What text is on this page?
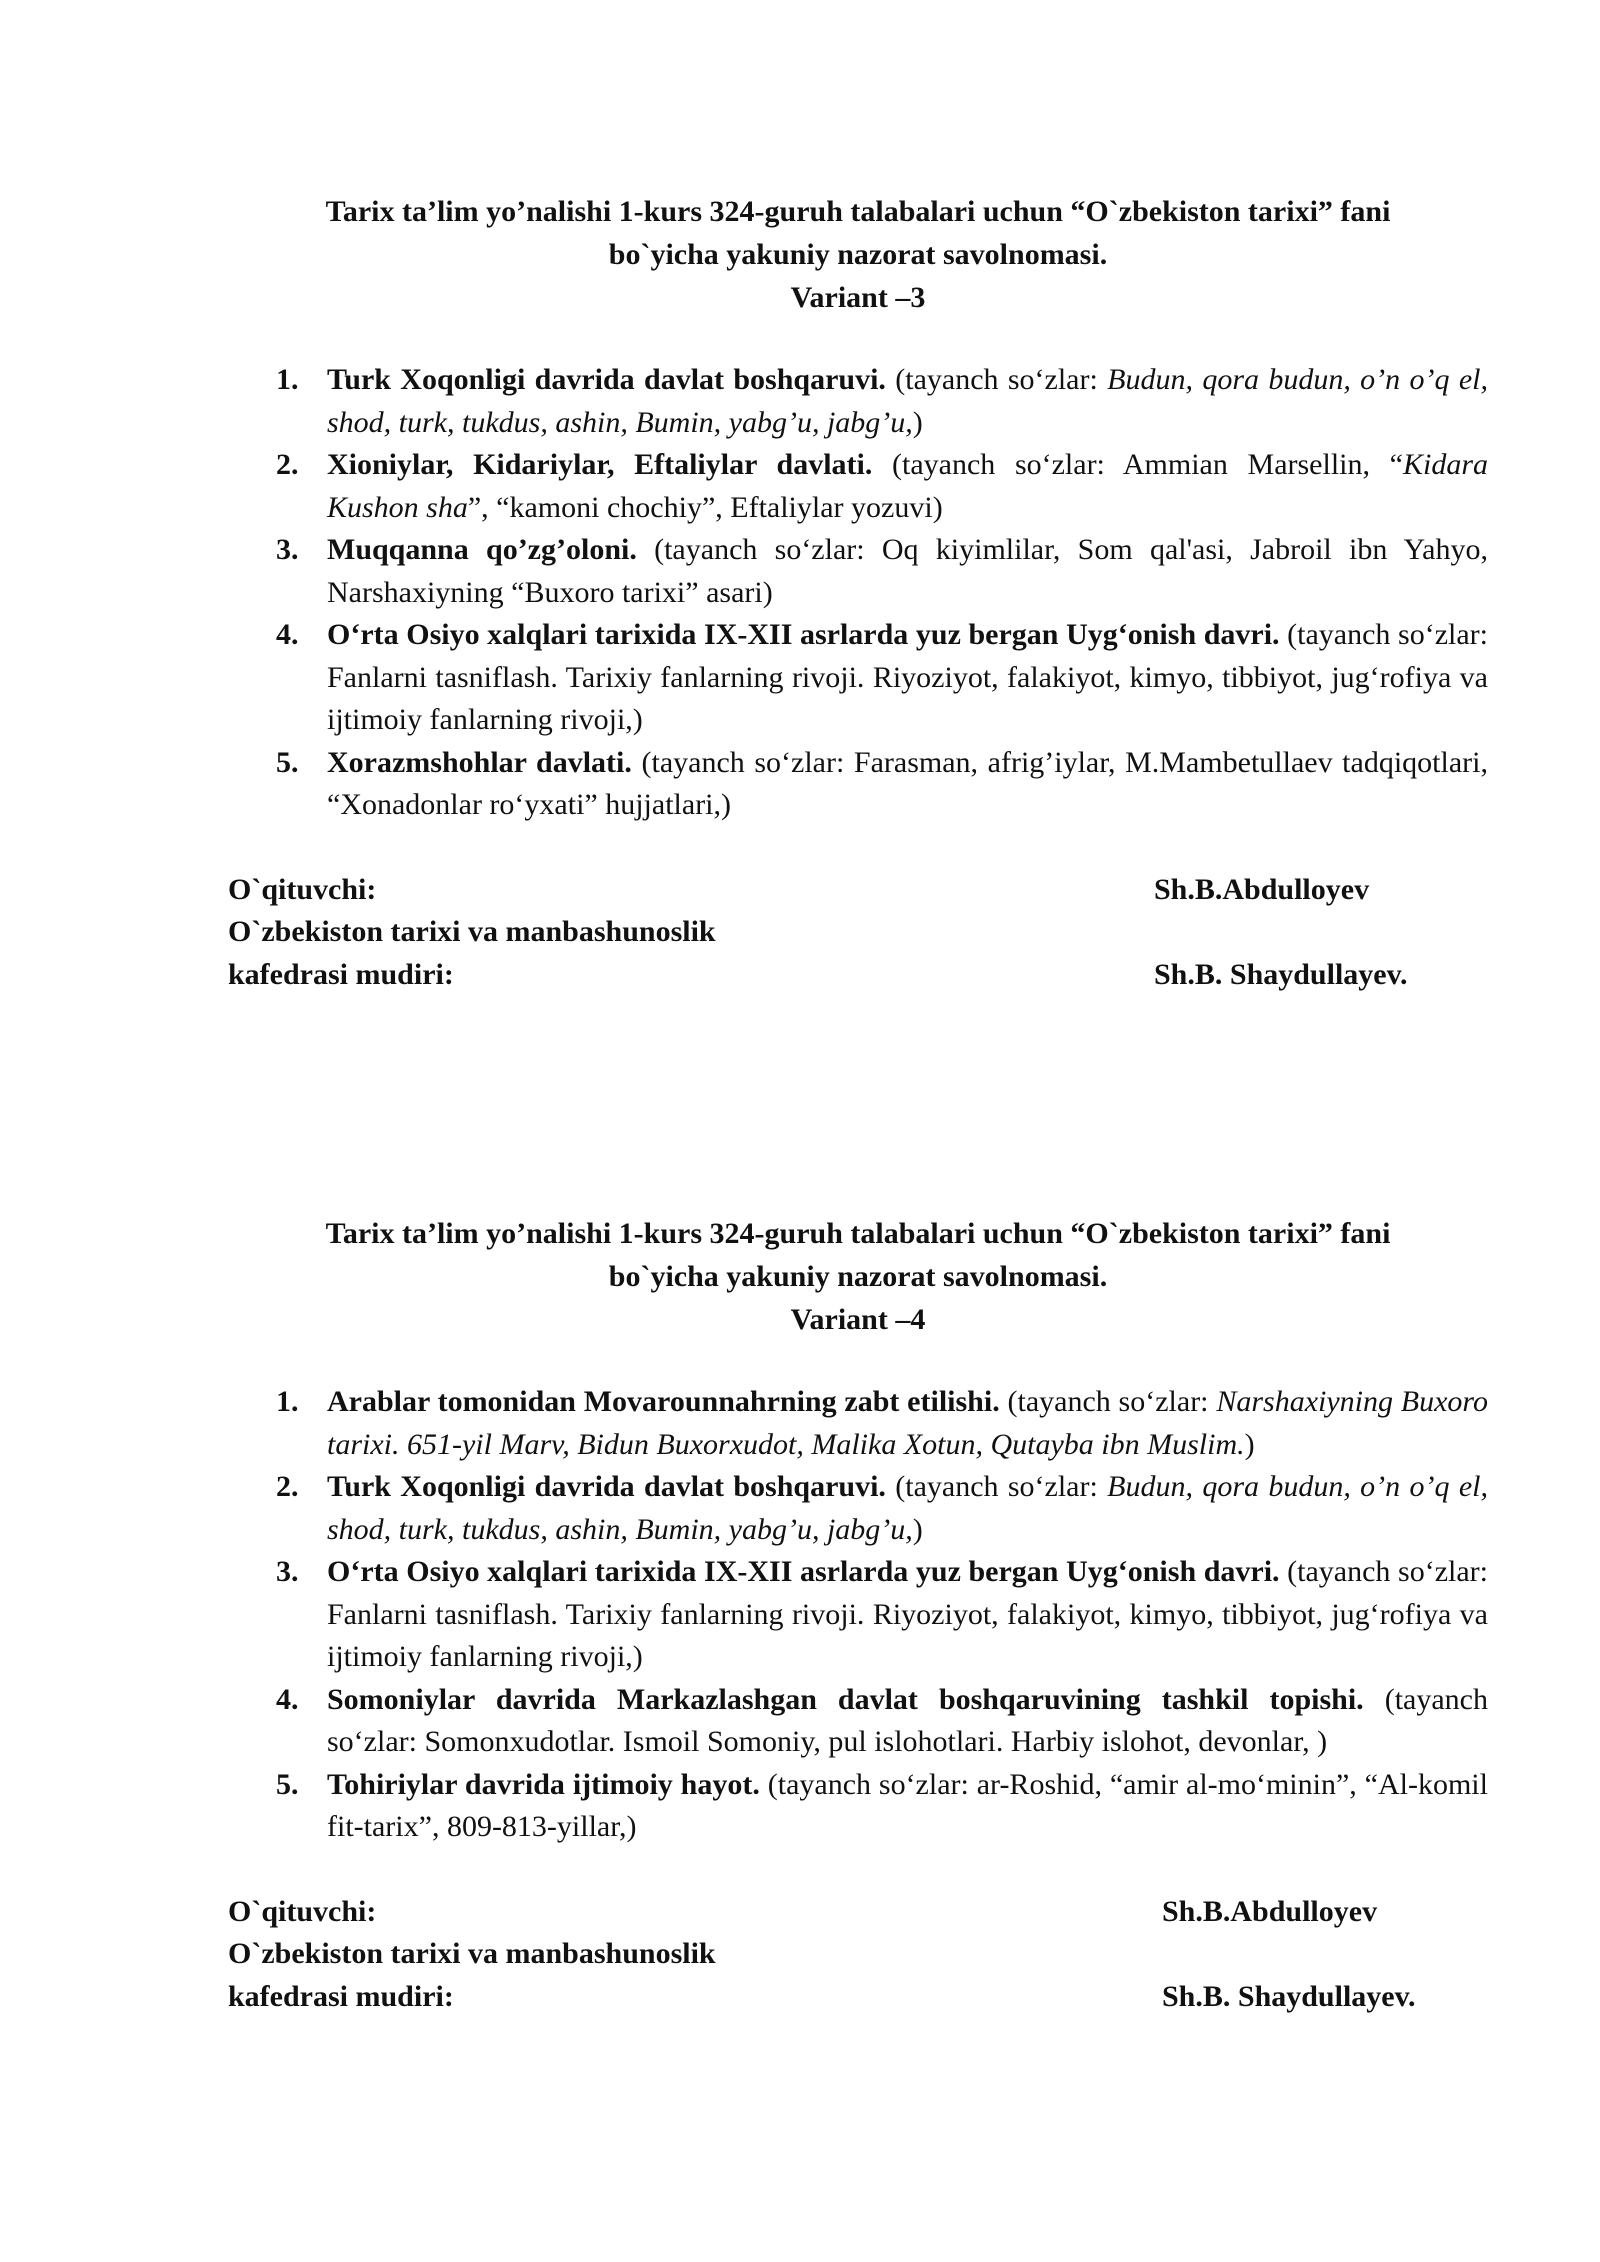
Tarix ta’lim yo’nalishi 1-kurs 324-guruh talabalari uchun “O`zbekiston tarixi” fani
bo`yicha yakuniy nazorat savolnomasi.
Variant –3
1. Turk Xoqonligi davrida davlat boshqaruvi. (tayanch so‘zlar: Budun, qora budun, o’n o’q el, shod, turk, tukdus, ashin, Bumin, yabg’u, jabg’u,)
2. Xioniylar, Kidariylar, Eftaliylar davlati. (tayanch so‘zlar: Ammian Marsellin, “Kidara Kushon sha”, “kamoni chochiy”, Eftaliylar yozuvi)
3. Muqqanna qo’zg’oloni. (tayanch so‘zlar: Oq kiyimlilar, Som qal'asi, Jabroil ibn Yahyo, Narshaxiyning “Buxoro tarixi” asari)
4. O‘rta Osiyo xalqlari tarixida IX-XII asrlarda yuz bergan Uyg‘onish davri. (tayanch so‘zlar: Fanlarni tasniflash. Tarixiy fanlarning rivoji. Riyoziyot, falakiyot, kimyo, tibbiyot, jug‘rofiya va ijtimoiy fanlarning rivoji,)
5. Xorazmshohlar davlati. (tayanch so‘zlar: Farasman, afrig’iylar, M.Mambetullaev tadqiqotlari, “Xonadonlar ro‘yxati” hujjatlari,)
O`qituvchi:	Sh.B.Abdulloyev
O`zbekiston tarixi va manbashunoslik
kafedrasi mudiri:	Sh.B. Shaydullayev.
Tarix ta’lim yo’nalishi 1-kurs 324-guruh talabalari uchun “O`zbekiston tarixi” fani
bo`yicha yakuniy nazorat savolnomasi.
Variant –4
1. Arablar tomonidan Movarounnahrning zabt etilishi. (tayanch so‘zlar: Narshaxiyning Buxoro tarixi. 651-yil Marv, Bidun Buxorxudot, Malika Xotun, Qutayba ibn Muslim.)
2. Turk Xoqonligi davrida davlat boshqaruvi. (tayanch so‘zlar: Budun, qora budun, o’n o’q el, shod, turk, tukdus, ashin, Bumin, yabg’u, jabg’u,)
3. O‘rta Osiyo xalqlari tarixida IX-XII asrlarda yuz bergan Uyg‘onish davri. (tayanch so‘zlar: Fanlarni tasniflash. Tarixiy fanlarning rivoji. Riyoziyot, falakiyot, kimyo, tibbiyot, jug‘rofiya va ijtimoiy fanlarning rivoji,)
4. Somoniylar davrida Markazlashgan davlat boshqaruvining tashkil topishi. (tayanch so‘zlar: Somonxudotlar. Ismoil Somoniy, pul islohotlari. Harbiy islohot, devonlar, )
5. Tohiriylar davrida ijtimoiy hayot. (tayanch so‘zlar: ar-Roshid, “amir al-mo‘minin”, “Al-komil fit-tarix”, 809-813-yillar,)
O`qituvchi:	Sh.B.Abdulloyev
O`zbekiston tarixi va manbashunoslik
kafedrasi mudiri:	Sh.B. Shaydullayev.
